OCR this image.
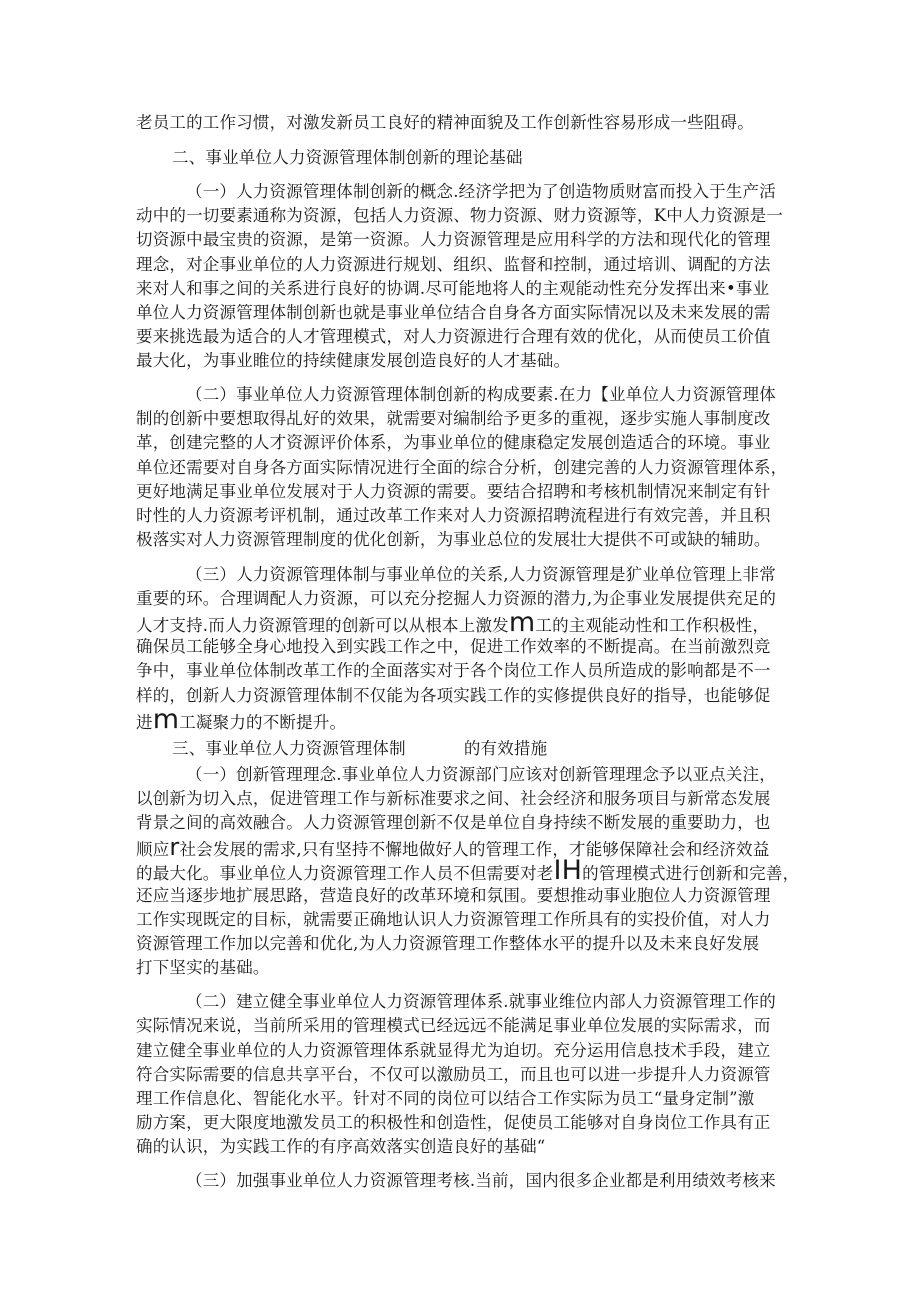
老员工的工作习惯，对激发新员工良好的精神面貌及工作创新性容易形成一些阻碍。
二、事业单位人力资源管理体制创新的理论基础
（一）人力资源管理体制创新的概念.经济学把为了创造物质财富而投入于生产活
动中的一切要素通称为资源，包括人力资源、物力资源、财力资源等，K中人力资源是一
切资源中最宝贵的资源，是第一资源。人力资源管理是应用科学的方法和现代化的管理
理念，对企事业单位的人力资源进行规划、组织、监督和控制，通过培训、调配的方法
来对人和事之间的关系进行良好的协调.尽可能地将人的主观能动性充分发挥出来•事业
单位人力资源管理体制创新也就是事业单位结合自身各方面实际情况以及未来发展的需
要来挑选最为适合的人才管理模式，对人力资源进行合理有效的优化，从而使员工价值
最大化，为事业睢位的持续健康发展创造良好的人才基础。
（二）事业单位人力资源管理体制创新的构成要素.在力【业单位人力资源管理体
制的创新中要想取得乩好的效果，就需要对编制给予更多的重视，逐步实施人事制度改
革，创建完整的人才资源评价体系，为事业单位的健康稳定发展创造适合的环境。事业
单位还需要对自身各方面实际情况进行全面的综合分析，创建完善的人力资源管理体系，
更好地满足事业单位发展对于人力资源的需要。要结合招聘和考核机制情况来制定有针
时性的人力资源考评机制，通过改革工作来对人力资源招聘流程进行有效完善，并且积
极落实对人力资源管理制度的优化创新，为事业总位的发展壮大提供不可或缺的辅助。
（三）人力资源管理体制与事业单位的关系,人力资源管理是犷业单位管理上非常
重要的环。合理调配人力资源，可以充分挖掘人力资源的潜力,为企事业发展提供充足的
人才支持.而人力资源管理的创新可以从根本上激发m工的主观能动性和工作积极性，
确保员工能够全身心地投入到实践工作之中，促进工作效率的不断提高。在当前激烈竞
争中，事业单位体制改革工作的全面落实对于各个岗位工作人员所造成的影响都是不一
样的，创新人力资源管理体制不仅能为各项实践工作的实修提供良好的指导，也能够促
进m工凝聚力的不断提升。
三、事业单位人力资源管理体制	的有效措施
（一）创新管理理念.事业单位人力资源部门应该对创新管理理念予以亚点关注，
以创新为切入点，促进管理工作与新标准要求之间、社会经济和服务项目与新常态发展
背景之间的高效融合。人力资源管理创新不仅是单位自身持续不断发展的重要助力，也
顺应r社会发展的需求,只有坚持不懈地做好人的管理工作，才能够保障社会和经济效益
的最大化。事业单位人力资源管理工作人员不但需要对老IH的管理模式进行创新和完善，
还应当逐步地扩展思路，营造良好的改革环境和氛围。要想推动事业胞位人力资源管理
工作实现既定的目标，就需要正确地认识人力资源管理工作所具有的实投价值，对人力
资源管理工作加以完善和优化,为人力资源管理工作整体水平的提升以及未来良好发展
打下坚实的基础。
（二）建立健全事业单位人力资源管理体系.就事业维位内部人力资源管理工作的
实际情况来说，当前所采用的管理模式已经远远不能满足事业单位发展的实际需求，而
建立健全事业单位的人力资源管理体系就显得尤为迫切。充分运用信息技术手段，建立
符合实际需要的信息共享平台，不仅可以激励员工，而且也可以进一步提升人力资源管
理工作信息化、智能化水平。针对不同的岗位可以结合工作实际为员工“量身定制”激
励方案，更大限度地激发员工的积极性和创造性，促使员工能够对自身岗位工作具有正
确的认识，为实践工作的有序高效落实创造良好的基础“
（三）加强事业单位人力资源管理考核.当前，国内很多企业都是利用绩效考核来
